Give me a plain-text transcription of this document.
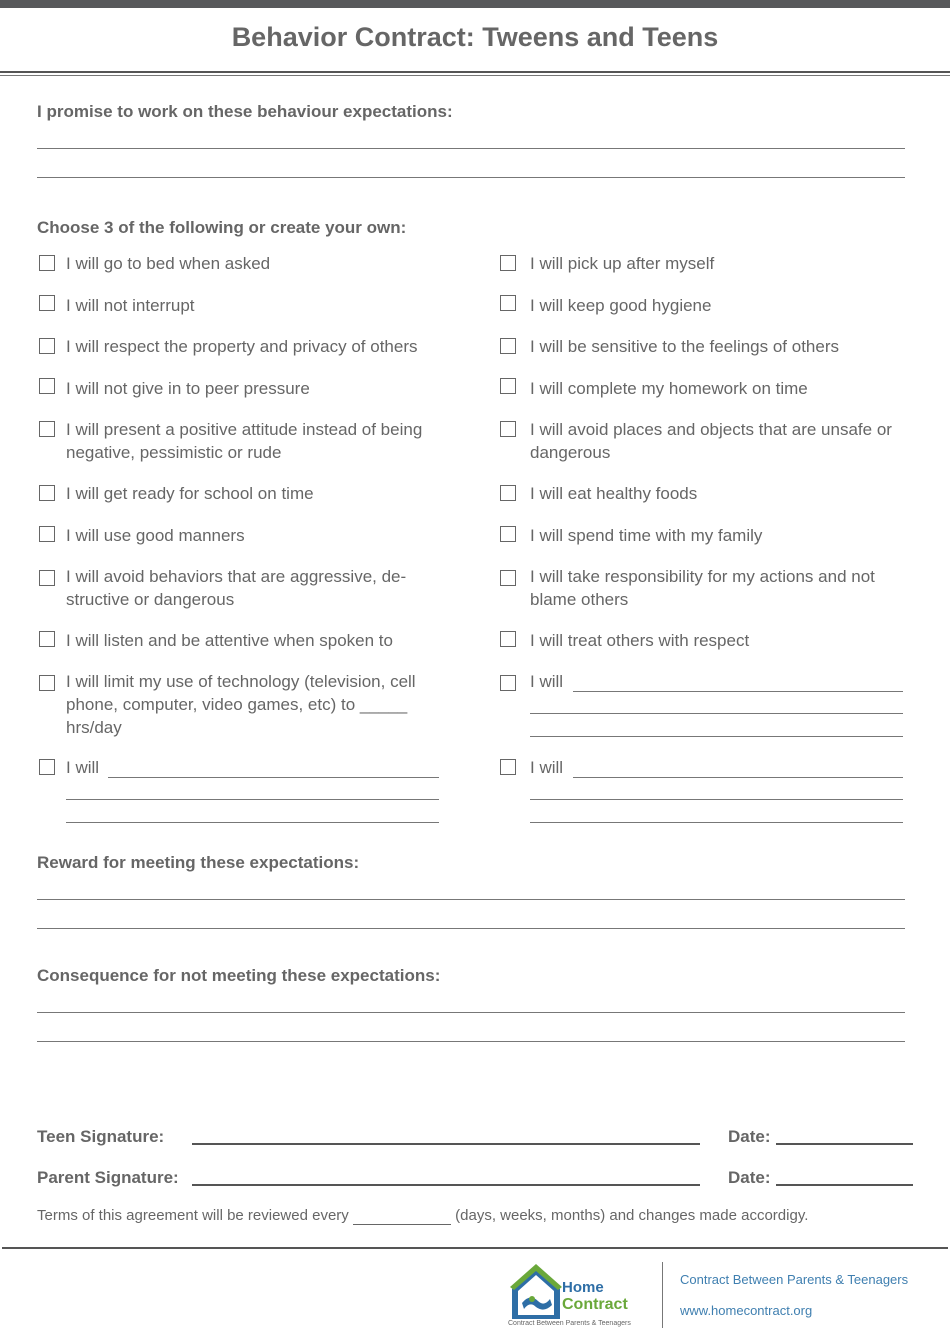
Behavior Contract: Tweens and Teens
I promise to work on these behaviour expectations:
Choose 3 of the following or create your own:
I will go to bed when asked
I will not interrupt
I will respect the property and privacy of others
I will not give in to peer pressure
I will present a positive attitude instead of being negative, pessimistic or rude
I will get ready for school on time
I will use good manners
I will avoid behaviors that are aggressive, de-structive or dangerous
I will listen and be attentive when spoken to
I will limit my use of technology (television, cell phone, computer, video games, etc) to _____ hrs/day
I will
I will pick up after myself
I will keep good hygiene
I will be sensitive to the feelings of others
I will complete my homework on time
I will avoid places and objects that are unsafe or dangerous
I will eat healthy foods
I will spend time with my family
I will take responsibility for my actions and not blame others
I will treat others with respect
I will
I will
Reward for meeting these expectations:
Consequence for not meeting these expectations:
Teen Signature:	Date:
Parent Signature:	Date:
Terms of this agreement will be reviewed every	(days, weeks, months) and changes made accordigy.
Home
Contract
Contract Between Parents & Teenagers
Contract Between Parents & Teenagers
www.homecontract.org
